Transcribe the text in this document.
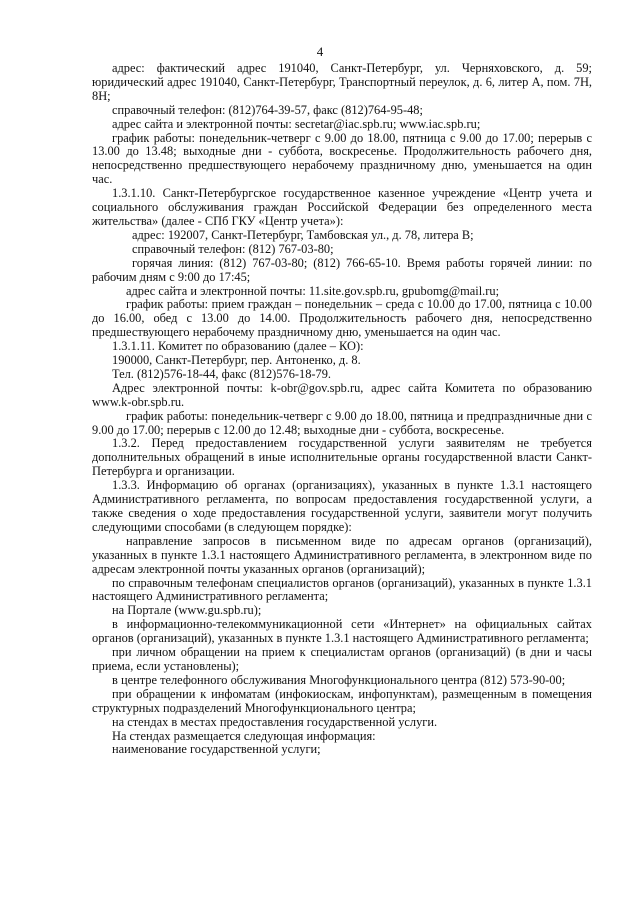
4

адрес: фактический адрес 191040, Санкт-Петербург, ул. Черняховского, д. 59; юридический адрес 191040, Санкт-Петербург, Транспортный переулок, д. 6, литер А, пом. 7Н, 8Н;

справочный телефон: (812)764-39-57, факс (812)764-95-48;

адрес сайта и электронной почты: secretar@iac.spb.ru; www.iac.spb.ru;

график работы: понедельник-четверг с 9.00 до 18.00, пятница с 9.00 до 17.00; перерыв с 13.00 до 13.48; выходные дни - суббота, воскресенье. Продолжительность рабочего дня, непосредственно предшествующего нерабочему праздничному дню, уменьшается на один час.

1.3.1.10. Санкт-Петербургское государственное казенное учреждение «Центр учета и социального обслуживания граждан Российской Федерации без определенного места жительства» (далее - СПб ГКУ «Центр учета»):

адрес: 192007, Санкт-Петербург, Тамбовская ул., д. 78, литера В;

справочный телефон: (812) 767-03-80;

горячая линия: (812) 767-03-80; (812) 766-65-10. Время работы горячей линии: по рабочим дням с 9:00 до 17:45;

адрес сайта и электронной почты: 11.site.gov.spb.ru, gpubomg@mail.ru;

график работы: прием граждан – понедельник – среда с 10.00 до 17.00, пятница с 10.00 до 16.00, обед с 13.00 до 14.00. Продолжительность рабочего дня, непосредственно предшествующего нерабочему праздничному дню, уменьшается на один час.

1.3.1.11. Комитет по образованию (далее – КО):

190000, Санкт-Петербург, пер. Антоненко, д. 8.

Тел. (812)576-18-44, факс (812)576-18-79.

Адрес электронной почты: k-obr@gov.spb.ru, адрес сайта Комитета по образованию www.k-obr.spb.ru.

график работы: понедельник-четверг с 9.00 до 18.00, пятница и предпраздничные дни с 9.00 до 17.00; перерыв с 12.00 до 12.48; выходные дни - суббота, воскресенье.

1.3.2. Перед предоставлением государственной услуги заявителям не требуется дополнительных обращений в иные исполнительные органы государственной власти Санкт-Петербурга и организации.

1.3.3. Информацию об органах (организациях), указанных в пункте 1.3.1 настоящего Административного регламента, по вопросам предоставления государственной услуги, а также сведения о ходе предоставления государственной услуги, заявители могут получить следующими способами (в следующем порядке):

направление запросов в письменном виде по адресам органов (организаций), указанных в пункте 1.3.1 настоящего Административного регламента, в электронном виде по адресам электронной почты указанных органов (организаций);

по справочным телефонам специалистов органов (организаций), указанных в пункте 1.3.1 настоящего Административного регламента;

на Портале (www.gu.spb.ru);

в информационно-телекоммуникационной сети «Интернет» на официальных сайтах органов (организаций), указанных в пункте 1.3.1 настоящего Административного регламента;

при личном обращении на прием к специалистам органов (организаций) (в дни и часы приема, если установлены);

в центре телефонного обслуживания Многофункционального центра (812) 573-90-00;

при обращении к инфоматам (инфокиоскам, инфопунктам), размещенным в помещения структурных подразделений Многофункционального центра;

на стендах в местах предоставления государственной услуги.

На стендах размещается следующая информация:

наименование государственной услуги;
